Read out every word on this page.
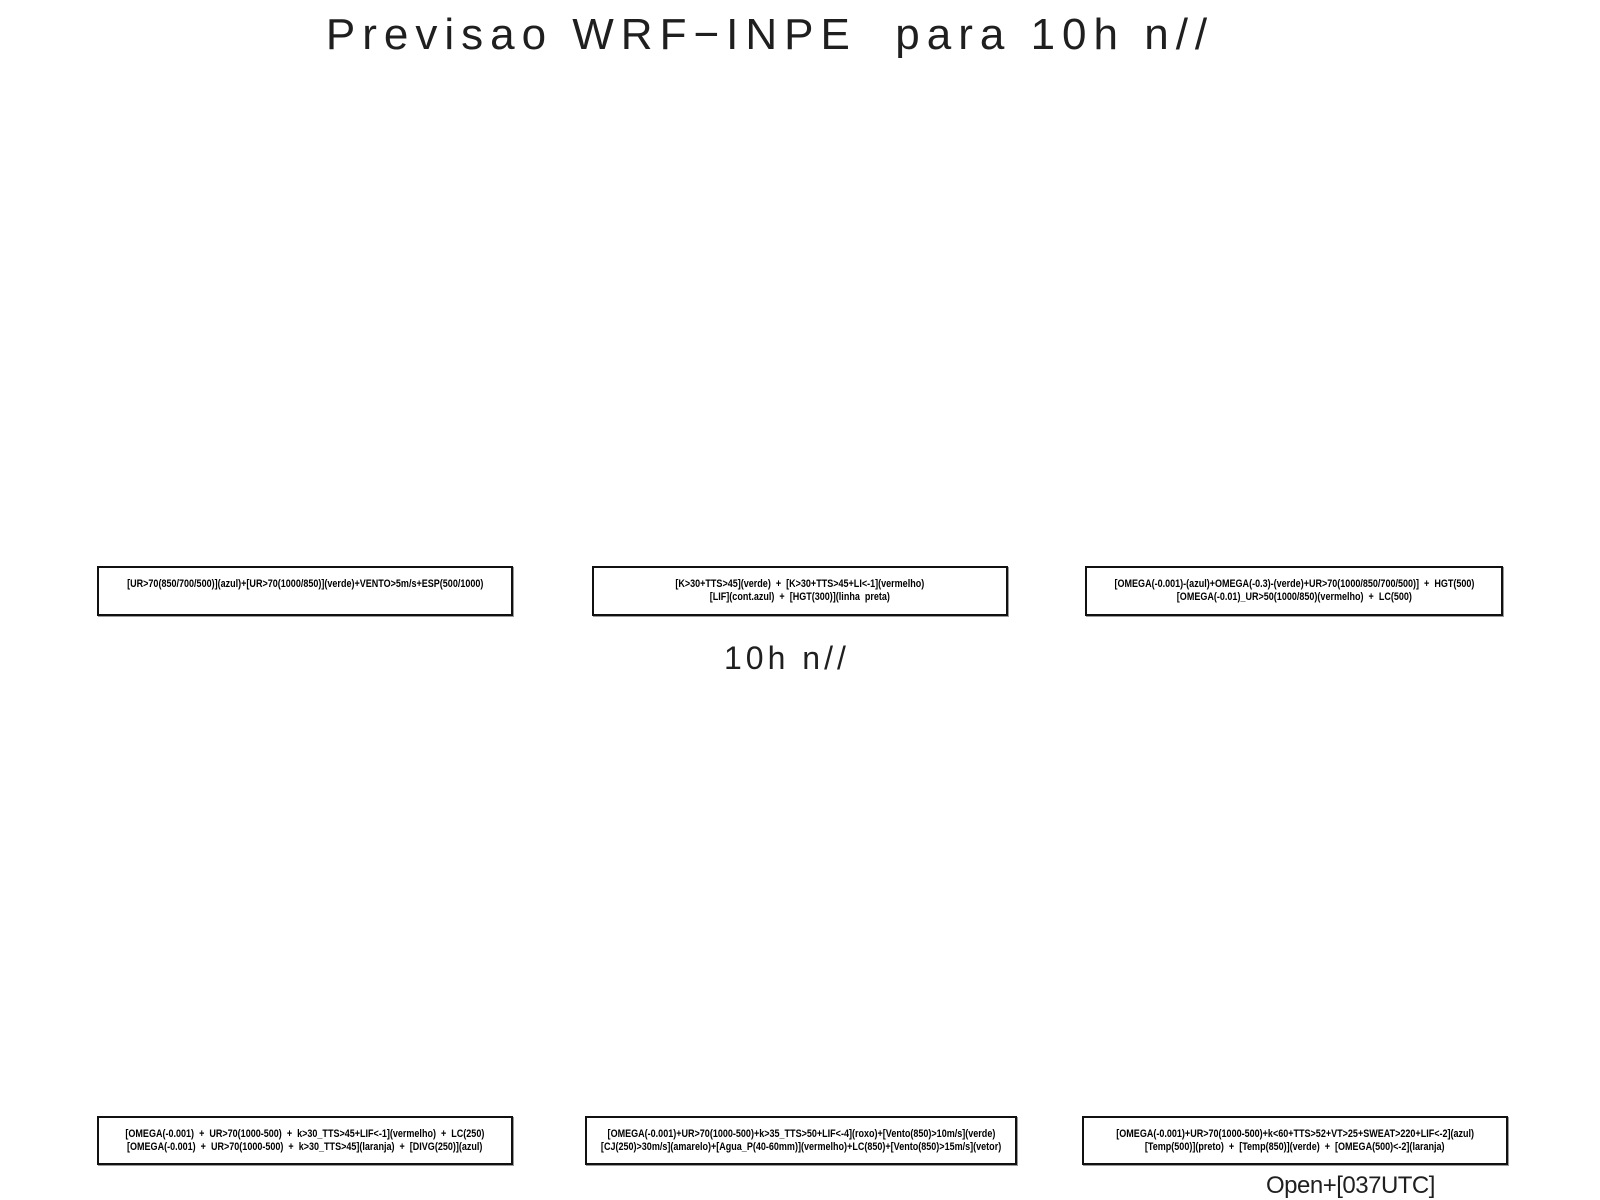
Previsao WRF−INPE  para 10h n//
[UR>70(850/700/500)](azul)+[UR>70(1000/850)](verde)+VENTO>5m/s+ESP(500/1000)	[K>30+TTS>45](verde)  +  [K>30+TTS>45+LI<-1](vermelho)
[LIF](cont.azul)  +  [HGT(300)](linha  preta)
[OMEGA(-0.001)-(azul)+OMEGA(-0.3)-(verde)+UR>70(1000/850/700/500)]  +  HGT(500)
[OMEGA(-0.01)_UR>50(1000/850)(vermelho)  +  LC(500)
10h n//
[OMEGA(-0.001)  +  UR>70(1000-500)  +  k>30_TTS>45+LIF<-1](vermelho)  +  LC(250)
[OMEGA(-0.001)  +  UR>70(1000-500)  +  k>30_TTS>45](laranja)  +  [DIVG(250)](azul)
[OMEGA(-0.001)+UR>70(1000-500)+k>35_TTS>50+LIF<-4](roxo)+[Vento(850)>10m/s](verde)
[CJ(250)>30m/s](amarelo)+[Agua_P(40-60mm)](vermelho)+LC(850)+[Vento(850)>15m/s](vetor)
[OMEGA(-0.001)+UR>70(1000-500)+k<60+TTS>52+VT>25+SWEAT>220+LIF<-2](azul)
[Temp(500)](preto)  +  [Temp(850)](verde)  +  [OMEGA(500)<-2](laranja)
Open+[037UTC]
